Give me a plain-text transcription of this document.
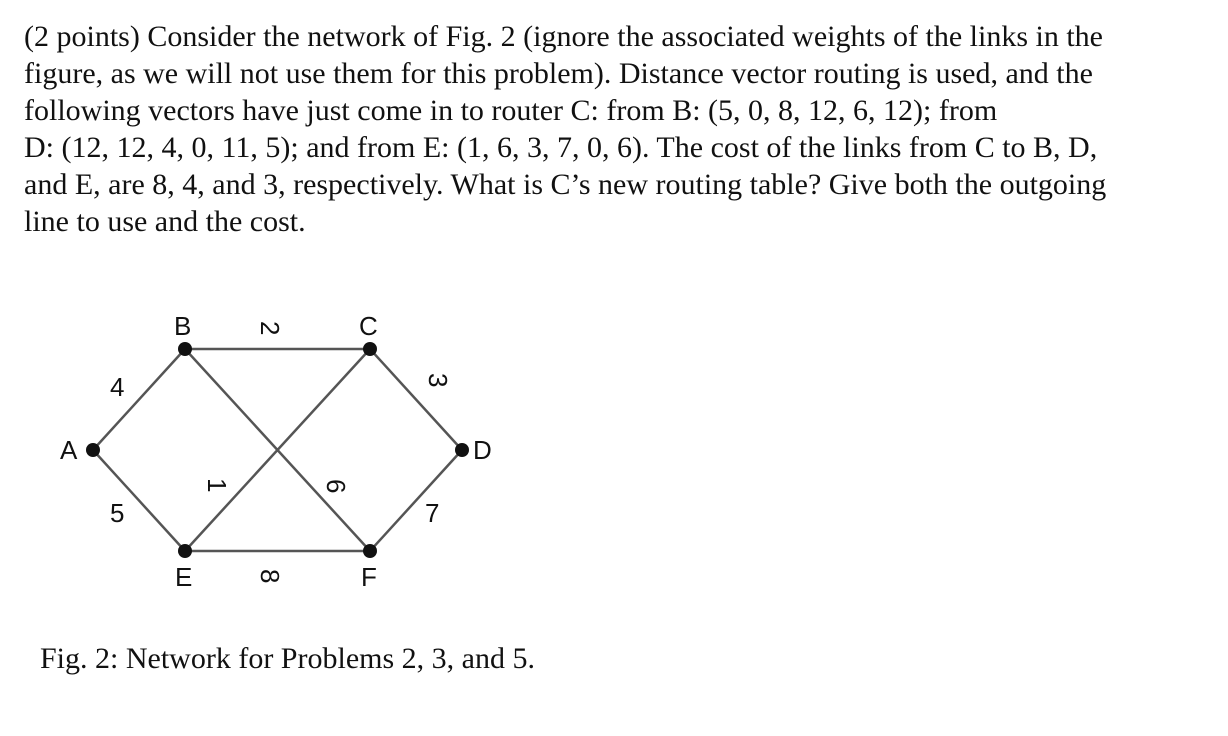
(2 points) Consider the network of Fig. 2 (ignore the associated weights of the links in the
figure, as we will not use them for this problem). Distance vector routing is used, and the
following vectors have just come in to router C: from B: (5, 0, 8, 12, 6, 12); from
D: (12, 12, 4, 0, 11, 5); and from E: (1, 6, 3, 7, 0, 6). The cost of the links from C to B, D,
and E, are 8, 4, and 3, respectively. What is C’s new routing table? Give both the outgoing
line to use and the cost.
A
B	C
D
E	F
4
2
3
5
1	6
7
8
Fig. 2: Network for Problems 2, 3, and 5.
